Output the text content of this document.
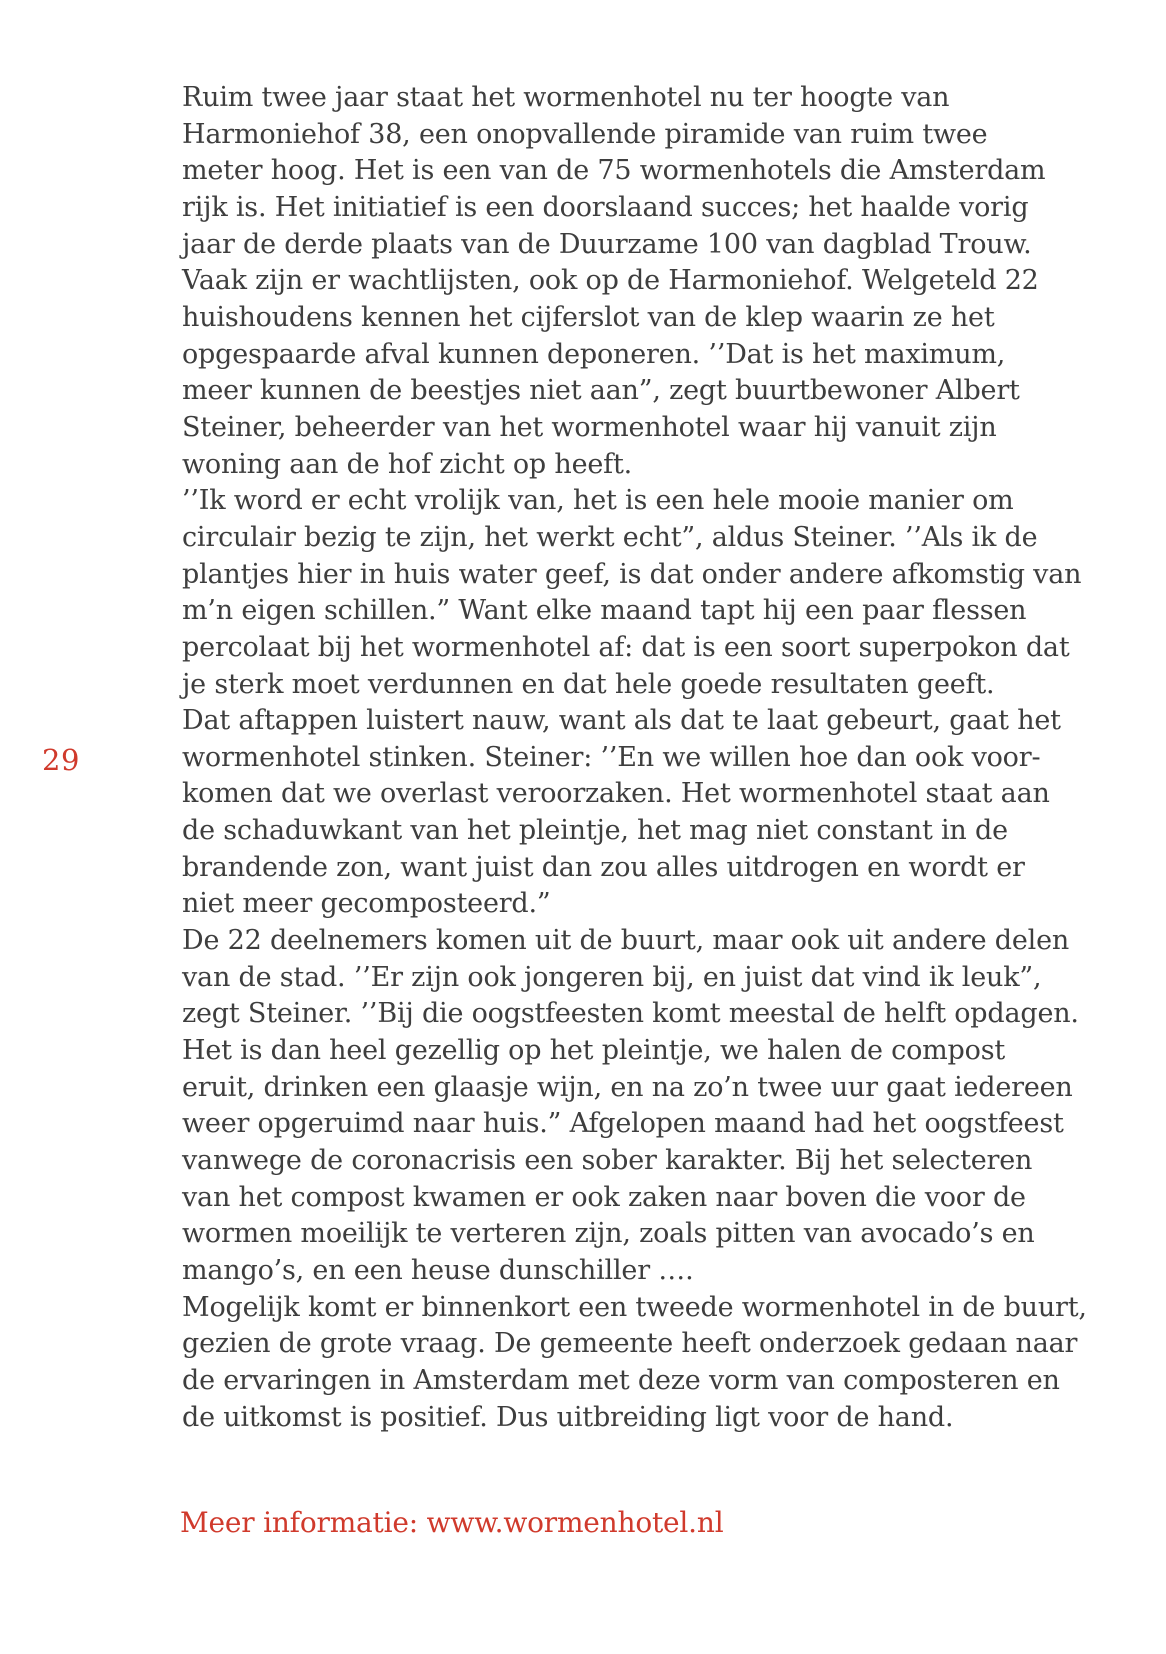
29
Ruim twee jaar staat het wormenhotel nu ter hoogte van
Harmoniehof 38, een onopvallende piramide van ruim twee
meter hoog. Het is een van de 75 wormenhotels die Amsterdam
rijk is. Het initiatief is een doorslaand succes; het haalde vorig
jaar de derde plaats van de Duurzame 100 van dagblad Trouw.
Vaak zijn er wachtlijsten, ook op de Harmoniehof. Welgeteld 22
huishoudens kennen het cijferslot van de klep waarin ze het
opgespaarde afval kunnen deponeren. ’’Dat is het maximum,
meer kunnen de beestjes niet aan”, zegt buurtbewoner Albert
Steiner, beheerder van het wormenhotel waar hij vanuit zijn
woning aan de hof zicht op heeft.
’’Ik word er echt vrolijk van, het is een hele mooie manier om
circulair bezig te zijn, het werkt echt”, aldus Steiner. ’’Als ik de
plantjes hier in huis water geef, is dat onder andere afkomstig van
m’n eigen schillen.” Want elke maand tapt hij een paar flessen
percolaat bij het wormenhotel af: dat is een soort superpokon dat
je sterk moet verdunnen en dat hele goede resultaten geeft.
Dat aftappen luistert nauw, want als dat te laat gebeurt, gaat het
wormenhotel stinken. Steiner: ’’En we willen hoe dan ook voor-
komen dat we overlast veroorzaken. Het wormenhotel staat aan
de schaduwkant van het pleintje, het mag niet constant in de
brandende zon, want juist dan zou alles uitdrogen en wordt er
niet meer gecomposteerd.”
De 22 deelnemers komen uit de buurt, maar ook uit andere delen
van de stad. ’’Er zijn ook jongeren bij, en juist dat vind ik leuk”,
zegt Steiner. ’’Bij die oogstfeesten komt meestal de helft opdagen.
Het is dan heel gezellig op het pleintje, we halen de compost
eruit, drinken een glaasje wijn, en na zo’n twee uur gaat iedereen
weer opgeruimd naar huis.” Afgelopen maand had het oogstfeest
vanwege de coronacrisis een sober karakter. Bij het selecteren
van het compost kwamen er ook zaken naar boven die voor de
wormen moeilijk te verteren zijn, zoals pitten van avocado’s en
mango’s, en een heuse dunschiller ….
Mogelijk komt er binnenkort een tweede wormenhotel in de buurt,
gezien de grote vraag. De gemeente heeft onderzoek gedaan naar
de ervaringen in Amsterdam met deze vorm van composteren en
de uitkomst is positief. Dus uitbreiding ligt voor de hand.
Meer informatie: www.wormenhotel.nl
